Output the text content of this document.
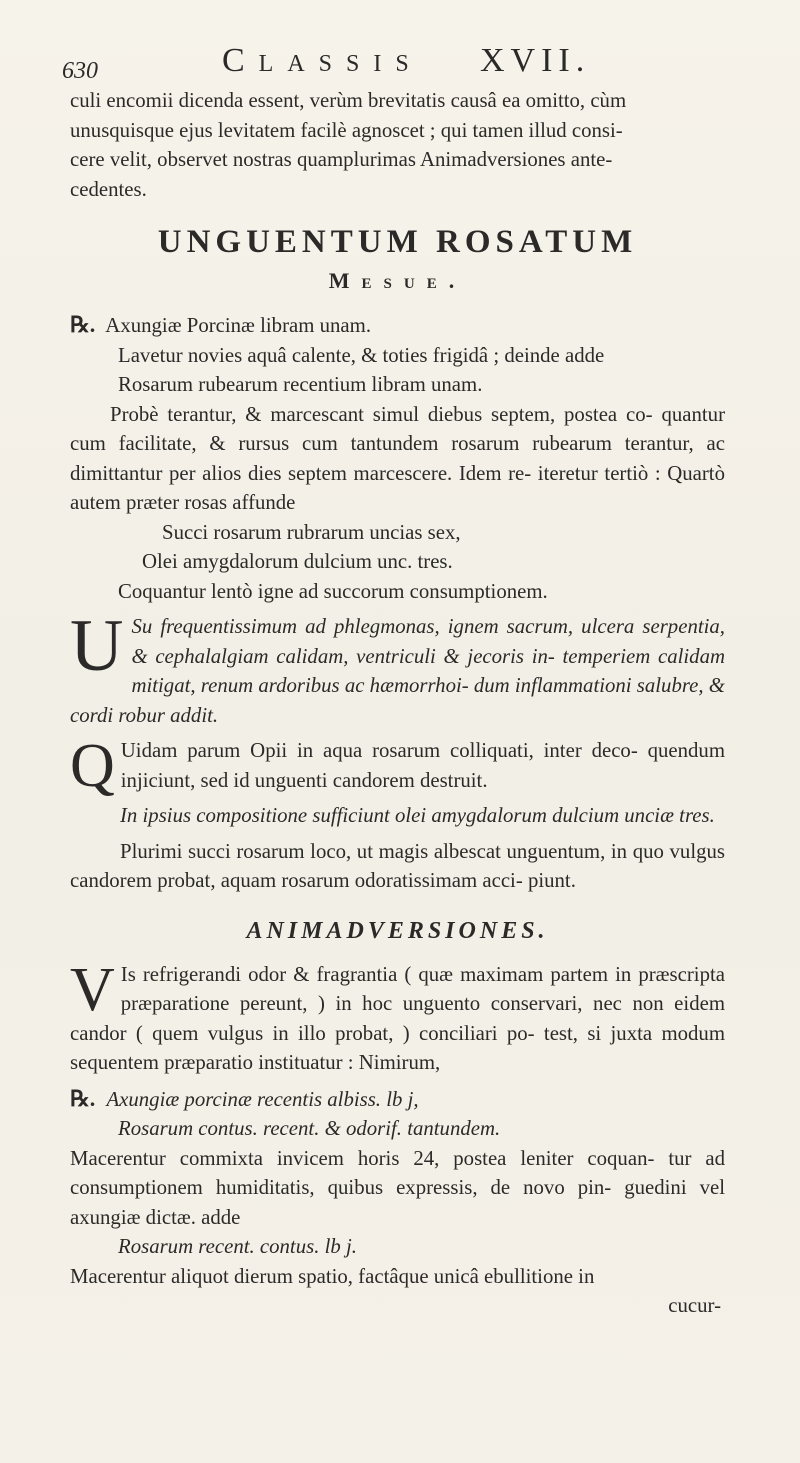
630	Classis XVII.

culi encomii dicenda essent, verùm brevitatis causâ ea omitto, cùm

unusquisque ejus levitatem facilè agnoscet ; qui tamen illud consi-

cere velit, observet nostras quamplurimas Animadversiones ante-

cedentes.

UNGUENTUM ROSATUM
Mesue.

℞. Axungiæ Porcinæ libram unam.

Lavetur novies aquâ calente, & toties frigidâ ; deinde adde

Rosarum rubearum recentium libram unam.

Probè terantur, & marcescant simul diebus septem, postea co- quantur cum facilitate, & rursus cum tantundem rosarum rubearum terantur, ac dimittantur per alios dies septem marcescere. Idem re- iteretur tertiò : Quartò autem præter rosas affunde

Succi rosarum rubrarum uncias sex,

Olei amygdalorum dulcium unc. tres.

Coquantur lentò igne ad succorum consumptionem.

U Su frequentissimum ad phlegmonas, ignem sacrum, ulcera serpentia, & cephalalgiam calidam, ventriculi & jecoris in- temperiem calidam mitigat, renum ardoribus ac hæmorrhoi- dum inflammationi salubre, & cordi robur addit.
Q Uidam parum Opii in aqua rosarum colliquati, inter deco- quendum injiciunt, sed id unguenti candorem destruit.

In ipsius compositione sufficiunt olei amygdalorum dulcium unciæ tres.

Plurimi succi rosarum loco, ut magis albescat unguentum, in quo vulgus candorem probat, aquam rosarum odoratissimam acci- piunt.

ANIMADVERSIONES.
V Is refrigerandi odor & fragrantia ( quæ maximam partem in præscripta præparatione pereunt, ) in hoc unguento conservari, nec non eidem candor ( quem vulgus in illo probat, ) conciliari po- test, si juxta modum sequentem præparatio instituatur : Nimirum,

℞. Axungiæ porcinæ recentis albiss. lb j,

Rosarum contus. recent. & odorif. tantundem.

Macerentur commixta invicem horis 24, postea leniter coquan- tur ad consumptionem humiditatis, quibus expressis, de novo pin- guedini vel axungiæ dictæ. adde

Rosarum recent. contus. lb j.

Macerentur aliquot dierum spatio, factâque unicâ ebullitione in

cucur-
